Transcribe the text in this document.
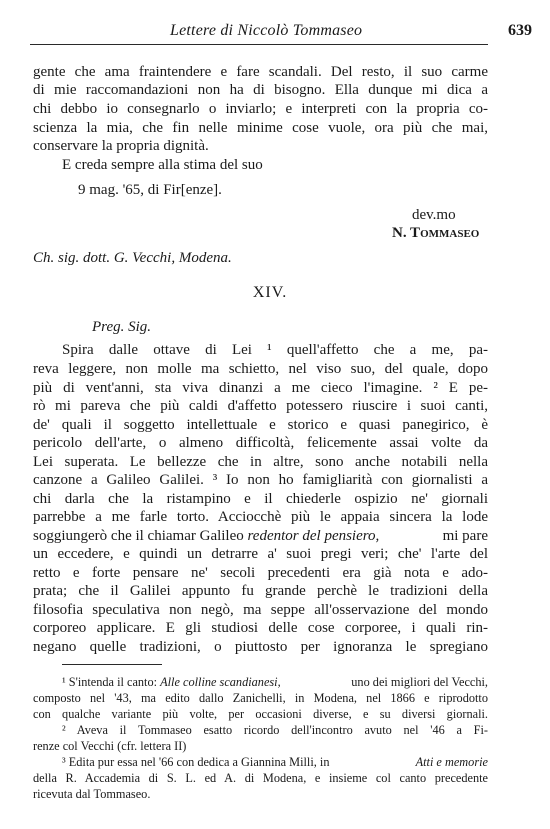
Lettere di Niccolò Tommaseo	639
gente che ama fraintendere e fare scandali. Del resto, il suo carme
di mie raccomandazioni non ha di bisogno. Ella dunque mi dica a
chi debbo io consegnarlo o inviarlo; e interpreti con la propria co-
scienza la mia, che fin nelle minime cose vuole, ora più che mai,
conservare la propria dignità.
E creda sempre alla stima del suo
9 mag. '65, di Fir[enze].
dev.mo
N. Tommaseo
Ch. sig. dott. G. Vecchi, Modena.
XIV.
Preg. Sig.
Spira dalle ottave di Lei ¹ quell'affetto che a me, pa-
reva leggere, non molle ma schietto, nel viso suo, del quale, dopo
più di vent'anni, sta viva dinanzi a me cieco l'imagine. ² E pe-
rò mi pareva che più caldi d'affetto potessero riuscire i suoi canti,
de' quali il soggetto intellettuale e storico e quasi panegirico, è
pericolo dell'arte, o almeno difficoltà, felicemente assai volte da
Lei superata. Le bellezze che in altre, sono anche notabili nella
canzone a Galileo Galilei. ³ Io non ho famigliarità con giornalisti a
chi darla che la ristampino e il chiederle ospizio ne' giornali
parrebbe a me farle torto. Acciocchè più le appaia sincera la lode
soggiungerò che il chiamar Galileo redentor del pensiero,	mi pare
un eccedere, e quindi un detrarre a' suoi pregi veri; che' l'arte del
retto e forte pensare ne' secoli precedenti era già nota e ado-
prata; che il Galilei appunto fu grande perchè le tradizioni della
filosofia speculativa non negò, ma seppe all'osservazione del mondo
corporeo applicare. E gli studiosi delle cose corporee, i quali rin-
negano quelle tradizioni, o piuttosto per ignoranza le spregiano
¹ S'intenda il canto: Alle colline scandianesi,	uno dei migliori del Vecchi,
composto nel '43, ma edito dallo Zanichelli, in Modena, nel 1866 e riprodotto
con qualche variante più volte, per occasioni diverse, e su diversi giornali.
² Aveva il Tommaseo esatto ricordo dell'incontro avuto nel '46 a Fi-
renze col Vecchi (cfr. lettera II)
³ Edita pur essa nel '66 con dedica a Giannina Milli, in	Atti e memorie
della R. Accademia di S. L. ed A. di Modena, e insieme col canto precedente
ricevuta dal Tommaseo.
